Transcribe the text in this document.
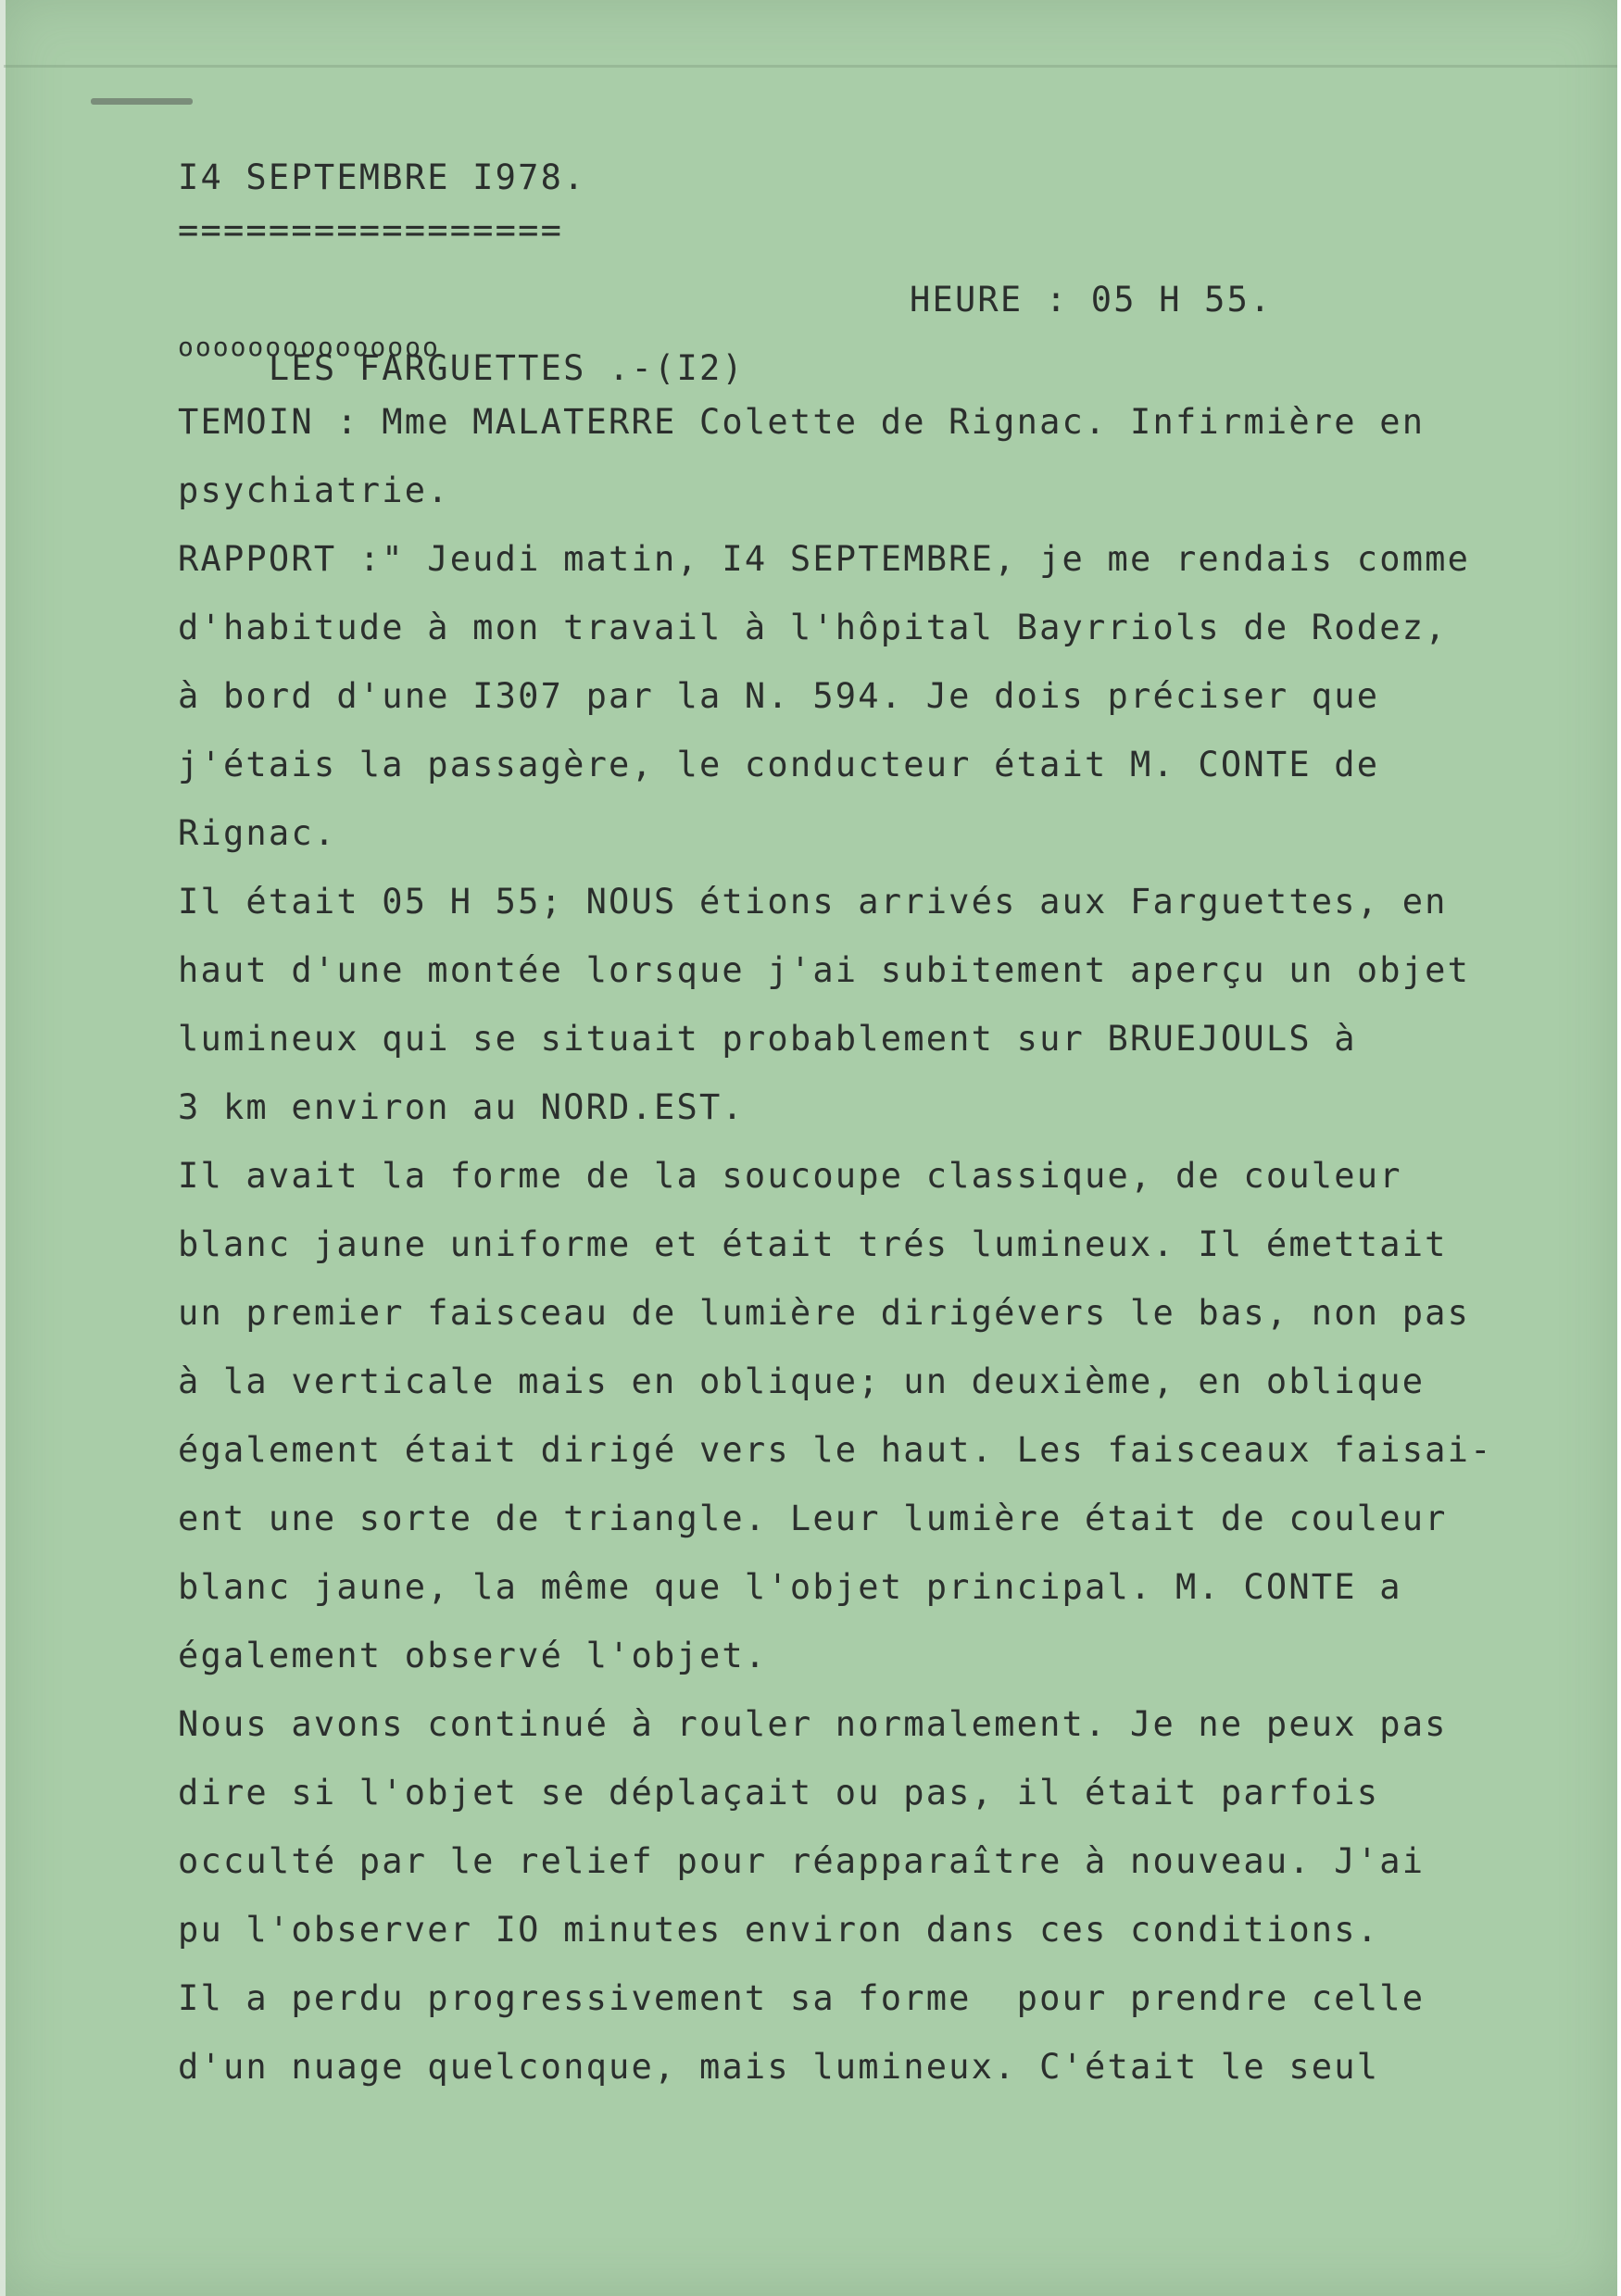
I4 SEPTEMBRE I978.
=================

LES FARGUETTES .-(I2)

HEURE : 05 H 55.

ooooooooooooooo
TEMOIN : Mme MALATERRE Colette de Rignac. Infirmière en
psychiatrie.
RAPPORT :" Jeudi matin, I4 SEPTEMBRE, je me rendais comme
d'habitude à mon travail à l'hôpital Bayrriols de Rodez,
à bord d'une I307 par la N. 594. Je dois préciser que
j'étais la passagère, le conducteur était M. CONTE de
Rignac.
Il était 05 H 55; NOUS étions arrivés aux Farguettes, en
haut d'une montée lorsque j'ai subitement aperçu un objet
lumineux qui se situait probablement sur BRUEJOULS à
3 km environ au NORD.EST.
Il avait la forme de la soucoupe classique, de couleur
blanc jaune uniforme et était trés lumineux. Il émettait
un premier faisceau de lumière dirigévers le bas, non pas
à la verticale mais en oblique; un deuxième, en oblique
également était dirigé vers le haut. Les faisceaux faisai-
ent une sorte de triangle. Leur lumière était de couleur
blanc jaune, la même que l'objet principal. M. CONTE a
également observé l'objet.
Nous avons continué à rouler normalement. Je ne peux pas
dire si l'objet se déplaçait ou pas, il était parfois
occulté par le relief pour réapparaître à nouveau. J'ai
pu l'observer IO minutes environ dans ces conditions.
Il a perdu progressivement sa forme  pour prendre celle
d'un nuage quelconque, mais lumineux. C'était le seul
